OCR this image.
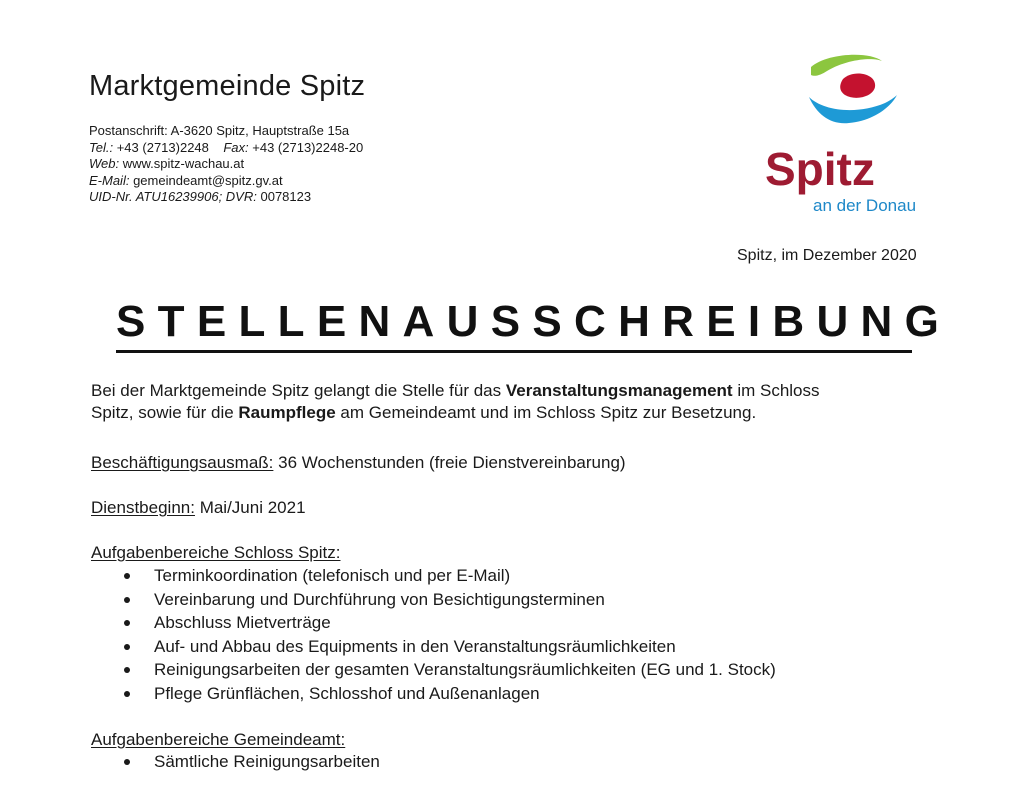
Marktgemeinde Spitz
Postanschrift: A-3620 Spitz, Hauptstraße 15a
Tel.: +43 (2713)2248 Fax: +43 (2713)2248-20
Web: www.spitz-wachau.at
E-Mail: gemeindeamt@spitz.gv.at
UID-Nr. ATU16239906; DVR: 0078123
Spitz
an der Donau
Spitz, im Dezember 2020
STELLENAUSSCHREIBUNG
Bei der Marktgemeinde Spitz gelangt die Stelle für das Veranstaltungsmanagement im Schloss
Spitz, sowie für die Raumpflege am Gemeindeamt und im Schloss Spitz zur Besetzung.
Beschäftigungsausmaß: 36 Wochenstunden (freie Dienstvereinbarung)
Dienstbeginn: Mai/Juni 2021
Aufgabenbereiche Schloss Spitz:
Terminkoordination (telefonisch und per E-Mail)
Vereinbarung und Durchführung von Besichtigungsterminen
Abschluss Mietverträge
Auf- und Abbau des Equipments in den Veranstaltungsräumlichkeiten
Reinigungsarbeiten der gesamten Veranstaltungsräumlichkeiten (EG und 1. Stock)
Pflege Grünflächen, Schlosshof und Außenanlagen
Aufgabenbereiche Gemeindeamt:
Sämtliche Reinigungsarbeiten
